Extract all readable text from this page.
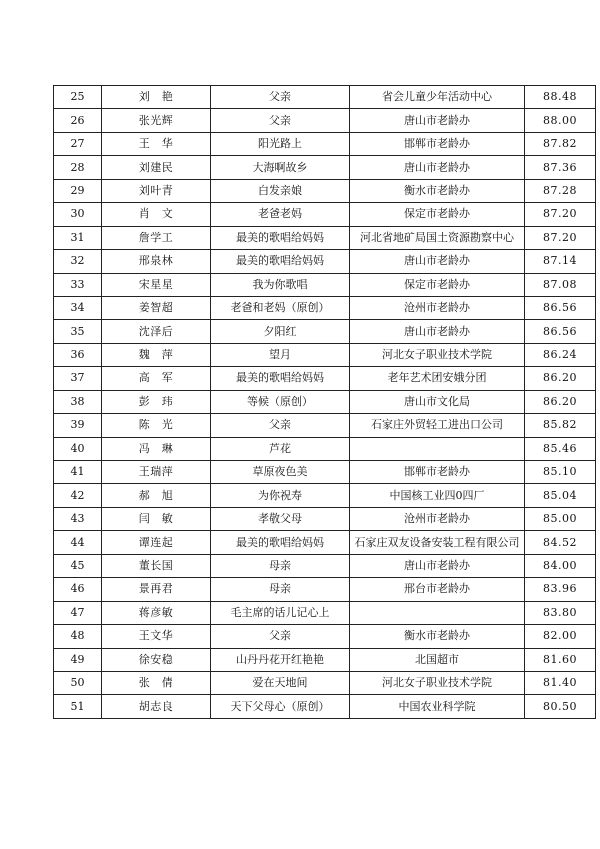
25	刘　艳	父亲	省会儿童少年活动中心	88.48
26	张光辉	父亲	唐山市老龄办	88.00
27	王　华	阳光路上	邯郸市老龄办	87.82
28	刘建民	大海啊故乡	唐山市老龄办	87.36
29	刘叶青	白发亲娘	衡水市老龄办	87.28
30	肖　文	老爸老妈	保定市老龄办	87.20
31	詹学工	最美的歌唱给妈妈	河北省地矿局国土资源勘察中心	87.20
32	邢泉林	最美的歌唱给妈妈	唐山市老龄办	87.14
33	宋星星	我为你歌唱	保定市老龄办	87.08
34	姜智超	老爸和老妈（原创）	沧州市老龄办	86.56
35	沈泽后	夕阳红	唐山市老龄办	86.56
36	魏　萍	望月	河北女子职业技术学院	86.24
37	高　军	最美的歌唱给妈妈	老年艺术团安娥分团	86.20
38	彭　玮	等候（原创）	唐山市文化局	86.20
39	陈　光	父亲	石家庄外贸轻工进出口公司	85.82
40	冯　琳	芦花		85.46
41	王瑞萍	草原夜色美	邯郸市老龄办	85.10
42	郝　旭	为你祝寿	中国核工业四0四厂	85.04
43	闫　敏	孝敬父母	沧州市老龄办	85.00
44	谭连起	最美的歌唱给妈妈	石家庄双友设备安装工程有限公司	84.52
45	董长国	母亲	唐山市老龄办	84.00
46	景再君	母亲	邢台市老龄办	83.96
47	蒋彦敏	毛主席的话儿记心上		83.80
48	王文华	父亲	衡水市老龄办	82.00
49	徐安稳	山丹丹花开红艳艳	北国超市	81.60
50	张　倩	爱在天地间	河北女子职业技术学院	81.40
51	胡志良	天下父母心（原创）	中国农业科学院	80.50
